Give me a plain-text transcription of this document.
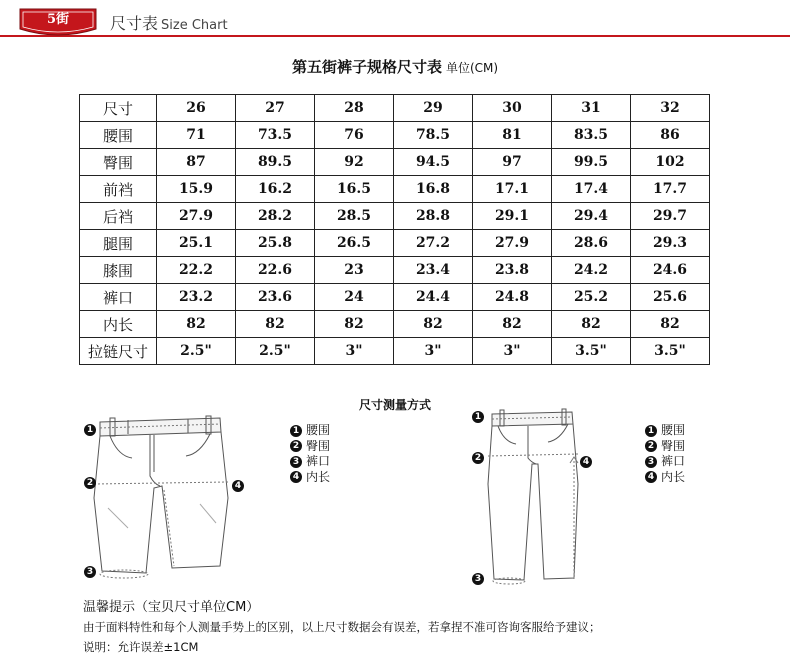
5街STREET
尺寸表 Size Chart
第五街裤子规格尺寸表 单位(CM)
尺寸	26	27	28	29	30	31	32
腰围	71	73.5	76	78.5	81	83.5	86
臀围	87	89.5	92	94.5	97	99.5	102
前裆	15.9	16.2	16.5	16.8	17.1	17.4	17.7
后裆	27.9	28.2	28.5	28.8	29.1	29.4	29.7
腿围	25.1	25.8	26.5	27.2	27.9	28.6	29.3
膝围	22.2	22.6	23	23.4	23.8	24.2	24.6
裤口	23.2	23.6	24	24.4	24.8	25.2	25.6
内长	82	82	82	82	82	82	82
拉链尺寸	2.5"	2.5"	3"	3"	3"	3.5"	3.5"
尺寸测量方式
1
2
3
4
1 腰围
2 臀围
3 裤口
4 内长
1
2
3
4
1 腰围
2 臀围
3 裤口
4 内长
温馨提示（宝贝尺寸单位CM）
由于面料特性和每个人测量手势上的区别，以上尺寸数据会有误差，若拿捏不准可咨询客服给予建议；
说明：允许误差±1CM
